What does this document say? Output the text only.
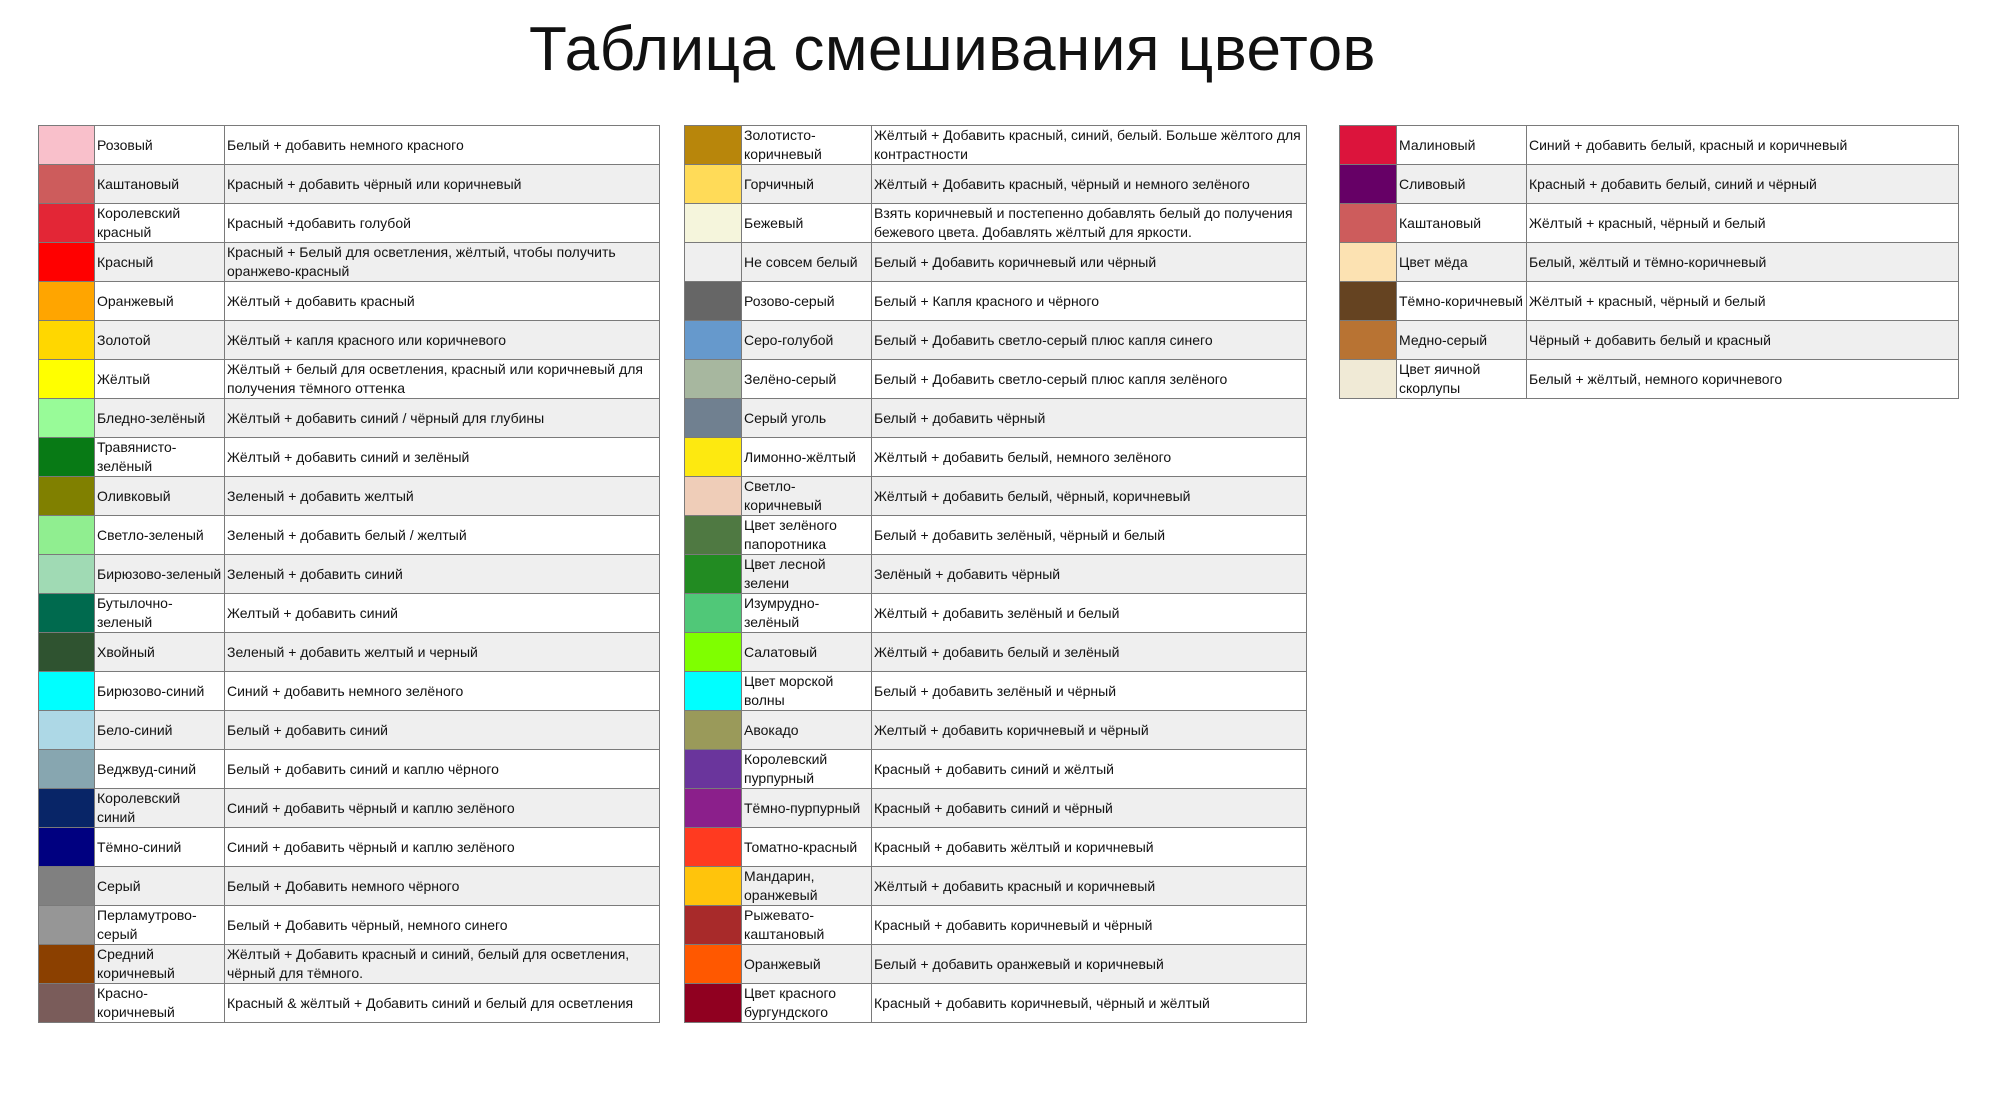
Таблица смешивания цветов
	Розовый	Белый + добавить немного красного
	Каштановый	Красный + добавить чёрный или коричневый
	Королевский красный	Красный +добавить голубой
	Красный	Красный + Белый для осветления, жёлтый, чтобы получить оранжево-красный
	Оранжевый	Жёлтый + добавить красный
	Золотой	Жёлтый + капля красного или коричневого
	Жёлтый	Жёлтый + белый для осветления, красный или коричневый для получения тёмного оттенка
	Бледно-зелёный	Жёлтый + добавить синий / чёрный для глубины
	Травянисто-зелёный	Жёлтый + добавить синий и зелёный
	Оливковый	Зеленый + добавить желтый
	Светло-зеленый	Зеленый + добавить белый / желтый
	Бирюзово-зеленый	Зеленый + добавить синий
	Бутылочно-зеленый	Желтый + добавить синий
	Хвойный	Зеленый + добавить желтый и черный
	Бирюзово-синий	Синий + добавить немного зелёного
	Бело-синий	Белый + добавить синий
	Веджвуд-синий	Белый + добавить синий и каплю чёрного
	Королевский синий	Синий + добавить чёрный и каплю зелёного
	Тёмно-синий	Синий + добавить чёрный и каплю зелёного
	Серый	Белый + Добавить немного чёрного
	Перламутрово-серый	Белый + Добавить чёрный, немного синего
	Средний коричневый	Жёлтый + Добавить красный и синий, белый для осветления, чёрный для тёмного.
	Красно-коричневый	Красный & жёлтый + Добавить синий и белый для осветления
	Золотисто-коричневый	Жёлтый + Добавить красный, синий, белый. Больше жёлтого для контрастности
	Горчичный	Жёлтый + Добавить красный, чёрный и немного зелёного
	Бежевый	Взять коричневый и постепенно добавлять белый до получения бежевого цвета. Добавлять жёлтый для яркости.
	Не совсем белый	Белый + Добавить коричневый или чёрный
	Розово-серый	Белый + Капля красного и чёрного
	Серо-голубой	Белый + Добавить светло-серый плюс капля синего
	Зелёно-серый	Белый + Добавить светло-серый плюс капля зелёного
	Серый уголь	Белый + добавить чёрный
	Лимонно-жёлтый	Жёлтый + добавить белый, немного зелёного
	Светло-коричневый	Жёлтый + добавить белый, чёрный, коричневый
	Цвет зелёного папоротника	Белый + добавить зелёный, чёрный и белый
	Цвет лесной зелени	Зелёный + добавить чёрный
	Изумрудно-зелёный	Жёлтый + добавить зелёный и белый
	Салатовый	Жёлтый + добавить белый и зелёный
	Цвет морской волны	Белый + добавить зелёный и чёрный
	Авокадо	Желтый + добавить коричневый и чёрный
	Королевский пурпурный	Красный + добавить синий и жёлтый
	Тёмно-пурпурный	Красный + добавить синий и чёрный
	Томатно-красный	Красный + добавить жёлтый и коричневый
	Мандарин, оранжевый	Жёлтый + добавить красный и коричневый
	Рыжевато-каштановый	Красный + добавить коричневый и чёрный
	Оранжевый	Белый + добавить оранжевый и коричневый
	Цвет красного бургундского	Красный + добавить коричневый, чёрный и жёлтый
	Малиновый	Синий + добавить белый, красный и коричневый
	Сливовый	Красный + добавить белый, синий и чёрный
	Каштановый	Жёлтый + красный, чёрный и белый
	Цвет мёда	Белый, жёлтый и тёмно-коричневый
	Тёмно-коричневый	Жёлтый + красный, чёрный и белый
	Медно-серый	Чёрный + добавить белый и красный
	Цвет яичной скорлупы	Белый + жёлтый, немного коричневого
